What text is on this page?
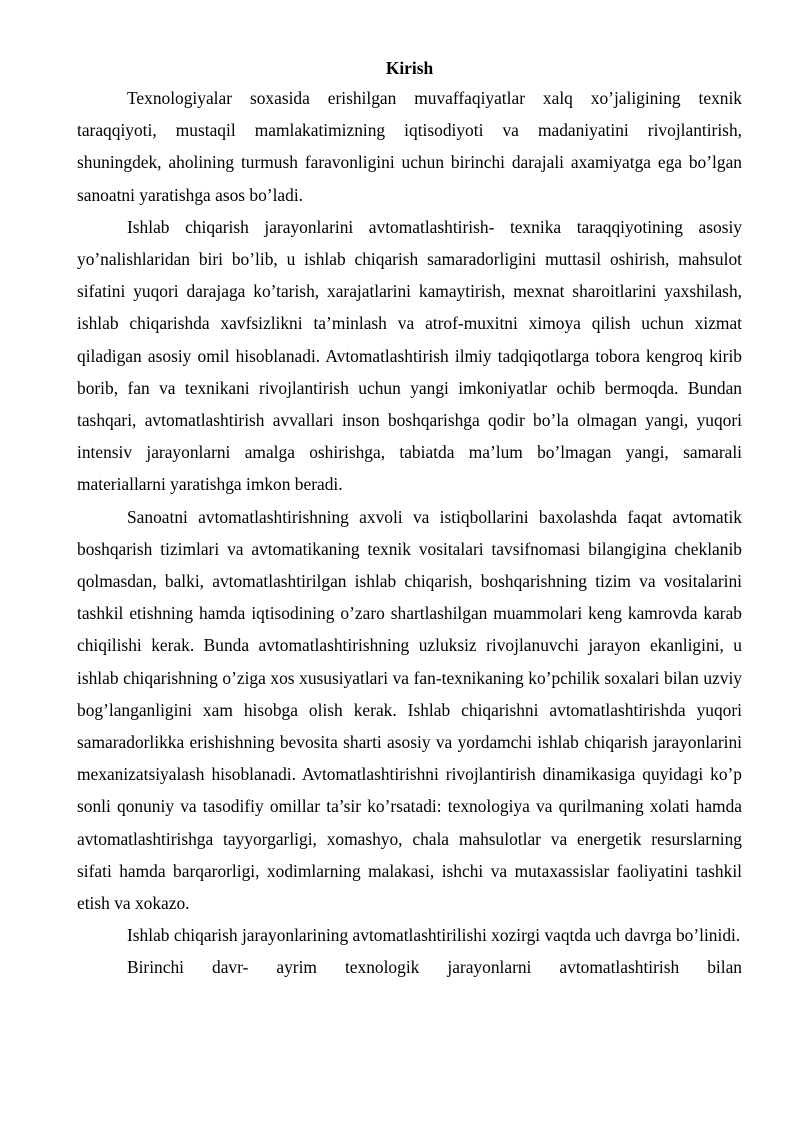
Kirish

Texnologiyalar soxasida erishilgan muvaffaqiyatlar xalq xo’jaligining texnik taraqqiyoti, mustaqil mamlakatimizning iqtisodiyoti va madaniyatini rivojlantirish, shuningdek, aholining turmush faravonligini uchun birinchi darajali axamiyatga ega bo’lgan sanoatni yaratishga asos bo’ladi.

Ishlab chiqarish jarayonlarini avtomatlashtirish- texnika taraqqiyotining asosiy yo’nalishlaridan biri bo’lib, u ishlab chiqarish samaradorligini muttasil oshirish, mahsulot sifatini yuqori darajaga ko’tarish, xarajatlarini kamaytirish, mexnat sharoitlarini yaxshilash, ishlab chiqarishda xavfsizlikni ta’minlash va atrof-muxitni ximoya qilish uchun xizmat qiladigan asosiy omil hisoblanadi. Avtomatlashtirish ilmiy tadqiqotlarga tobora kengroq kirib borib, fan va texnikani rivojlantirish uchun yangi imkoniyatlar ochib bermoqda. Bundan tashqari, avtomatlashtirish avvallari inson boshqarishga qodir bo’la olmagan yangi, yuqori intensiv jarayonlarni amalga oshirishga, tabiatda ma’lum bo’lmagan yangi, samarali materiallarni yaratishga imkon beradi.

Sanoatni avtomatlashtirishning axvoli va istiqbollarini baxolashda faqat avtomatik boshqarish tizimlari va avtomatikaning texnik vositalari tavsifnomasi bilangigina cheklanib qolmasdan, balki, avtomatlashtirilgan ishlab chiqarish, boshqarishning tizim va vositalarini tashkil etishning hamda iqtisodining o’zaro shartlashilgan muammolari keng kamrovda karab chiqilishi kerak. Bunda avtomatlashtirishning uzluksiz rivojlanuvchi jarayon ekanligini, u ishlab chiqarishning o’ziga xos xususiyatlari va fan-texnikaning ko’pchilik soxalari bilan uzviy bog’langanligini xam hisobga olish kerak. Ishlab chiqarishni avtomatlashtirishda yuqori samaradorlikka erishishning bevosita sharti asosiy va yordamchi ishlab chiqarish jarayonlarini mexanizatsiyalash hisoblanadi. Avtomatlashtirishni rivojlantirish dinamikasiga quyidagi ko’p sonli qonuniy va tasodifiy omillar ta’sir ko’rsatadi: texnologiya va qurilmaning xolati hamda avtomatlashtirishga tayyorgarligi, xomashyo, chala mahsulotlar va energetik resurslarning sifati hamda barqarorligi, xodimlarning malakasi, ishchi va mutaxassislar faoliyatini tashkil etish va xokazo.

Ishlab chiqarish jarayonlarining avtomatlashtirilishi xozirgi vaqtda uch davrga bo’linidi.

Birinchi davr- ayrim texnologik jarayonlarni avtomatlashtirish bilan
